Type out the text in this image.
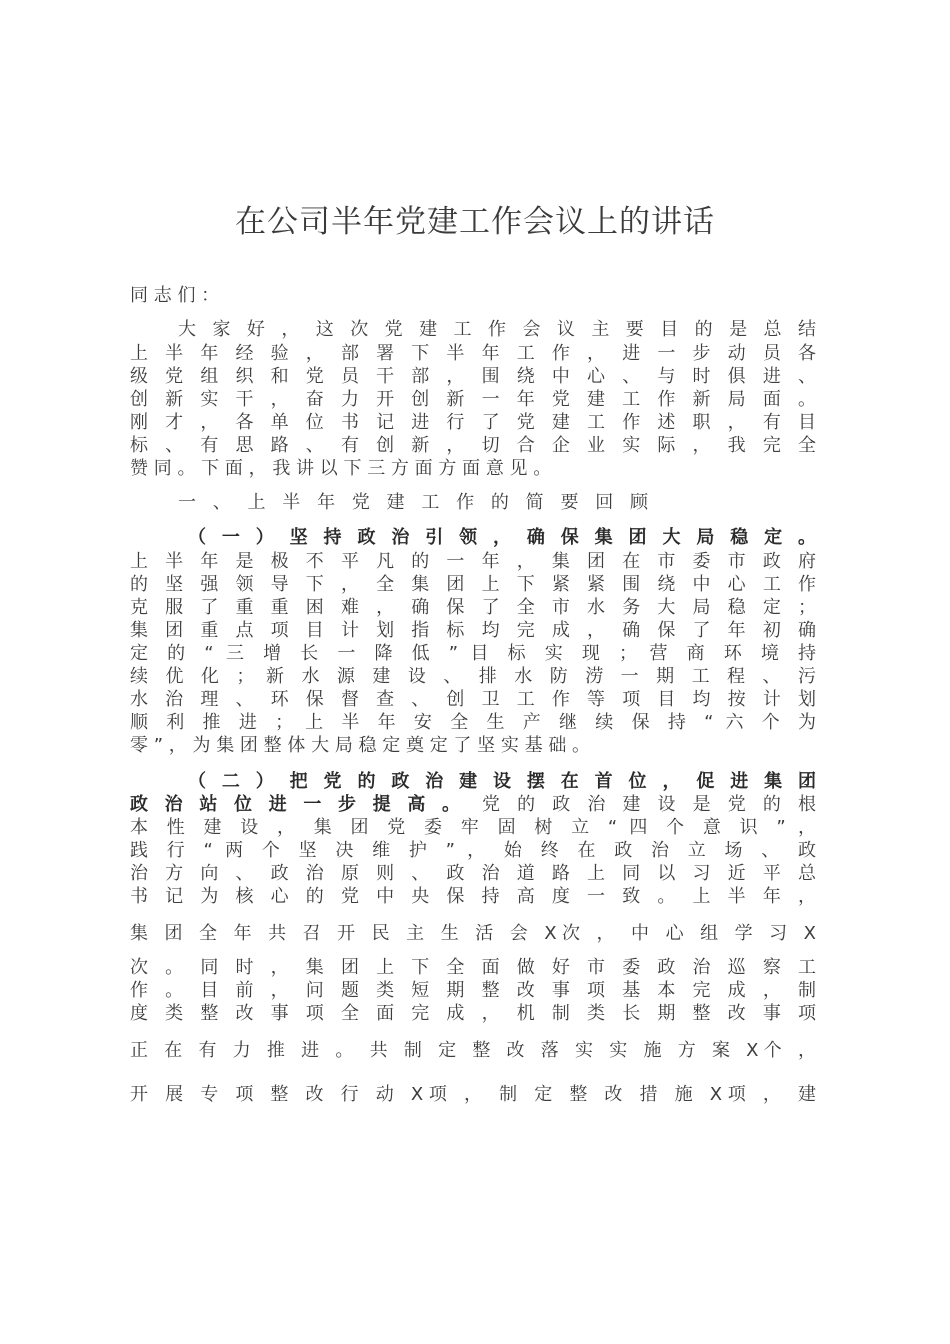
在公司半年党建工作会议上的讲话
同 志 们 ：
大 家 好 ， 这 次 党 建 工 作 会 议 主 要 目 的 是 总 结
上 半 年 经 验 ， 部 署 下 半 年 工 作 ， 进 一 步 动 员 各
级 党 组 织 和 党 员 干 部 ， 围 绕 中 心 、 与 时 俱 进 、
创 新 实 干 ， 奋 力 开 创 新 一 年 党 建 工 作 新 局 面 。
刚 才 ， 各 单 位 书 记 进 行 了 党 建 工 作 述 职 ， 有 目
标 、 有 思 路 、 有 创 新 ， 切 合 企 业 实 际 ， 我 完 全
赞 同 。 下 面 ， 我 讲 以 下 三 方 面 方 面 意 见 。
一 、 上 半 年 党 建 工 作 的 简 要 回 顾
（ 一 ） 坚 持 政 治 引 领 ， 确 保 集 团 大 局 稳 定 。
上 半 年 是 极 不 平 凡 的 一 年 ， 集 团 在 市 委 市 政 府
的 坚 强 领 导 下 ， 全 集 团 上 下 紧 紧 围 绕 中 心 工 作
克 服 了 重 重 困 难 ， 确 保 了 全 市 水 务 大 局 稳 定 ；
集 团 重 点 项 目 计 划 指 标 均 完 成 ， 确 保 了 年 初 确
定 的 “ 三 增 长 一 降 低 ” 目 标 实 现 ； 营 商 环 境 持
续 优 化 ； 新 水 源 建 设 、 排 水 防 涝 一 期 工 程 、 污
水 治 理 、 环 保 督 查 、 创 卫 工 作 等 项 目 均 按 计 划
顺 利 推 进 ； 上 半 年 安 全 生 产 继 续 保 持 “ 六 个 为
零 ” ， 为 集 团 整 体 大 局 稳 定 奠 定 了 坚 实 基 础 。
（ 二 ） 把 党 的 政 治 建 设 摆 在 首 位 ， 促 进 集 团
政 治 站 位 进 一 步 提 高 。 党 的 政 治 建 设 是 党 的 根
本 性 建 设 ， 集 团 党 委 牢 固 树 立 “ 四 个 意 识 ” ，
践 行 “ 两 个 坚 决 维 护 ” ， 始 终 在 政 治 立 场 、 政
治 方 向 、 政 治 原 则 、 政 治 道 路 上 同 以 习 近 平 总
书 记 为 核 心 的 党 中 央 保 持 高 度 一 致 。 上 半 年 ，
集 团 全 年 共 召 开 民 主 生 活 会 X次 ， 中 心 组 学 习 X
次 。 同 时 ， 集 团 上 下 全 面 做 好 市 委 政 治 巡 察 工
作 。 目 前 ， 问 题 类 短 期 整 改 事 项 基 本 完 成 ， 制
度 类 整 改 事 项 全 面 完 成 ， 机 制 类 长 期 整 改 事 项
正 在 有 力 推 进 。 共 制 定 整 改 落 实 实 施 方 案 X个 ，
开 展 专 项 整 改 行 动 X项 ， 制 定 整 改 措 施 X项 ， 建
